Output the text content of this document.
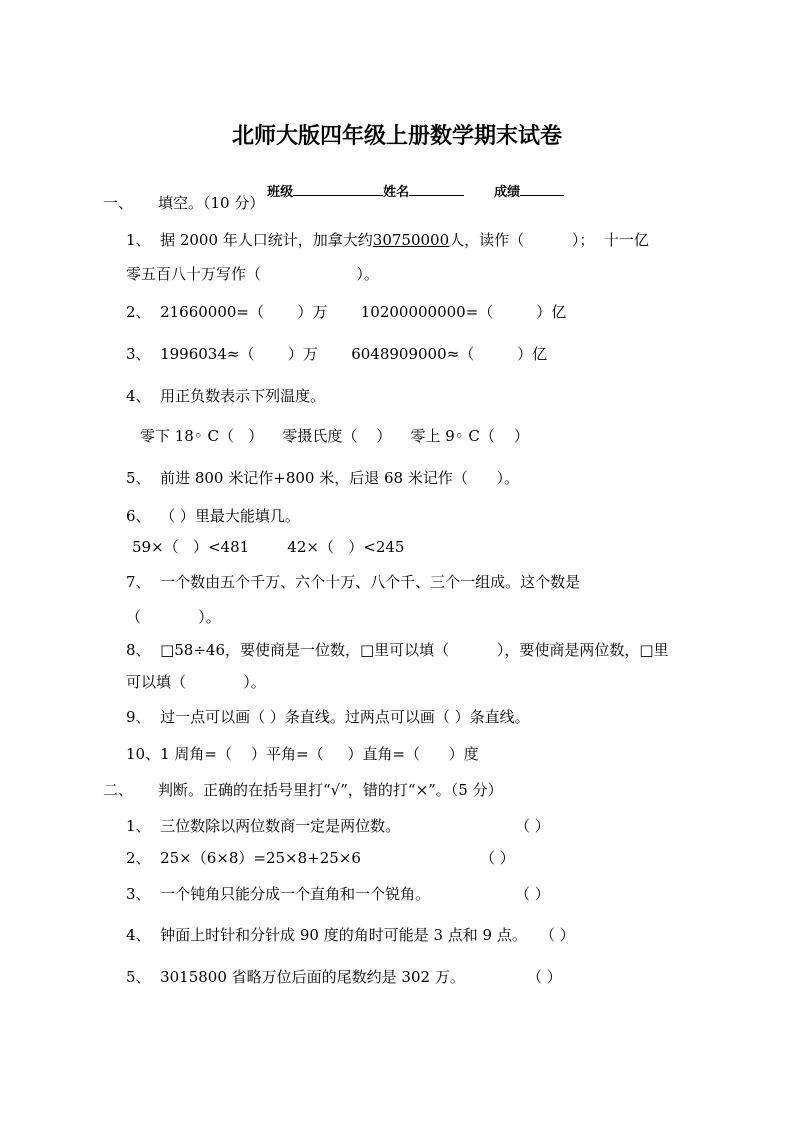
北师大版四年级上册数学期末试卷

班级	姓名	成绩

一、 填空。（10 分）
1、  据 2000 年人口统计，加拿大约30750000人，读作（          ）；  十一亿
零五百八十万写作（                    ）。
2、  21660000=（       ）万       10200000000=（         ）亿
3、  1996034≈（       ）万       6048909000≈（         ）亿
4、  用正负数表示下列温度。
零下 18◦ C（   ）    零摄氏度（    ）    零上 9◦ C（    ）
5、  前进 800 米记作+800 米，后退 68 米记作（      ）。
6、  （ ）里最大能填几。
59×（   ）<481        42×（   ）<245
7、  一个数由五个千万、六个十万、八个千、三个一组成。这个数是
（            ）。
8、  □58÷46，要使商是一位数，□里可以填（          ），要使商是两位数，□里
可以填（            ）。
9、  过一点可以画（ ）条直线。过两点可以画（ ）条直线。
10、1 周角=（    ）平角=（     ）直角=（      ）度
二、 判断。正确的在括号里打“√”，错的打“×”。（5 分）
1、  三位数除以两位数商一定是两位数。	（ ）
2、  25×（6×8）=25×8+25×6	（ ）
3、  一个钝角只能分成一个直角和一个锐角。	（ ）
4、  钟面上时针和分针成 90 度的角时可能是 3 点和 9 点。 （ ）
5、  3015800 省略万位后面的尾数约是 302 万。	（ ）
